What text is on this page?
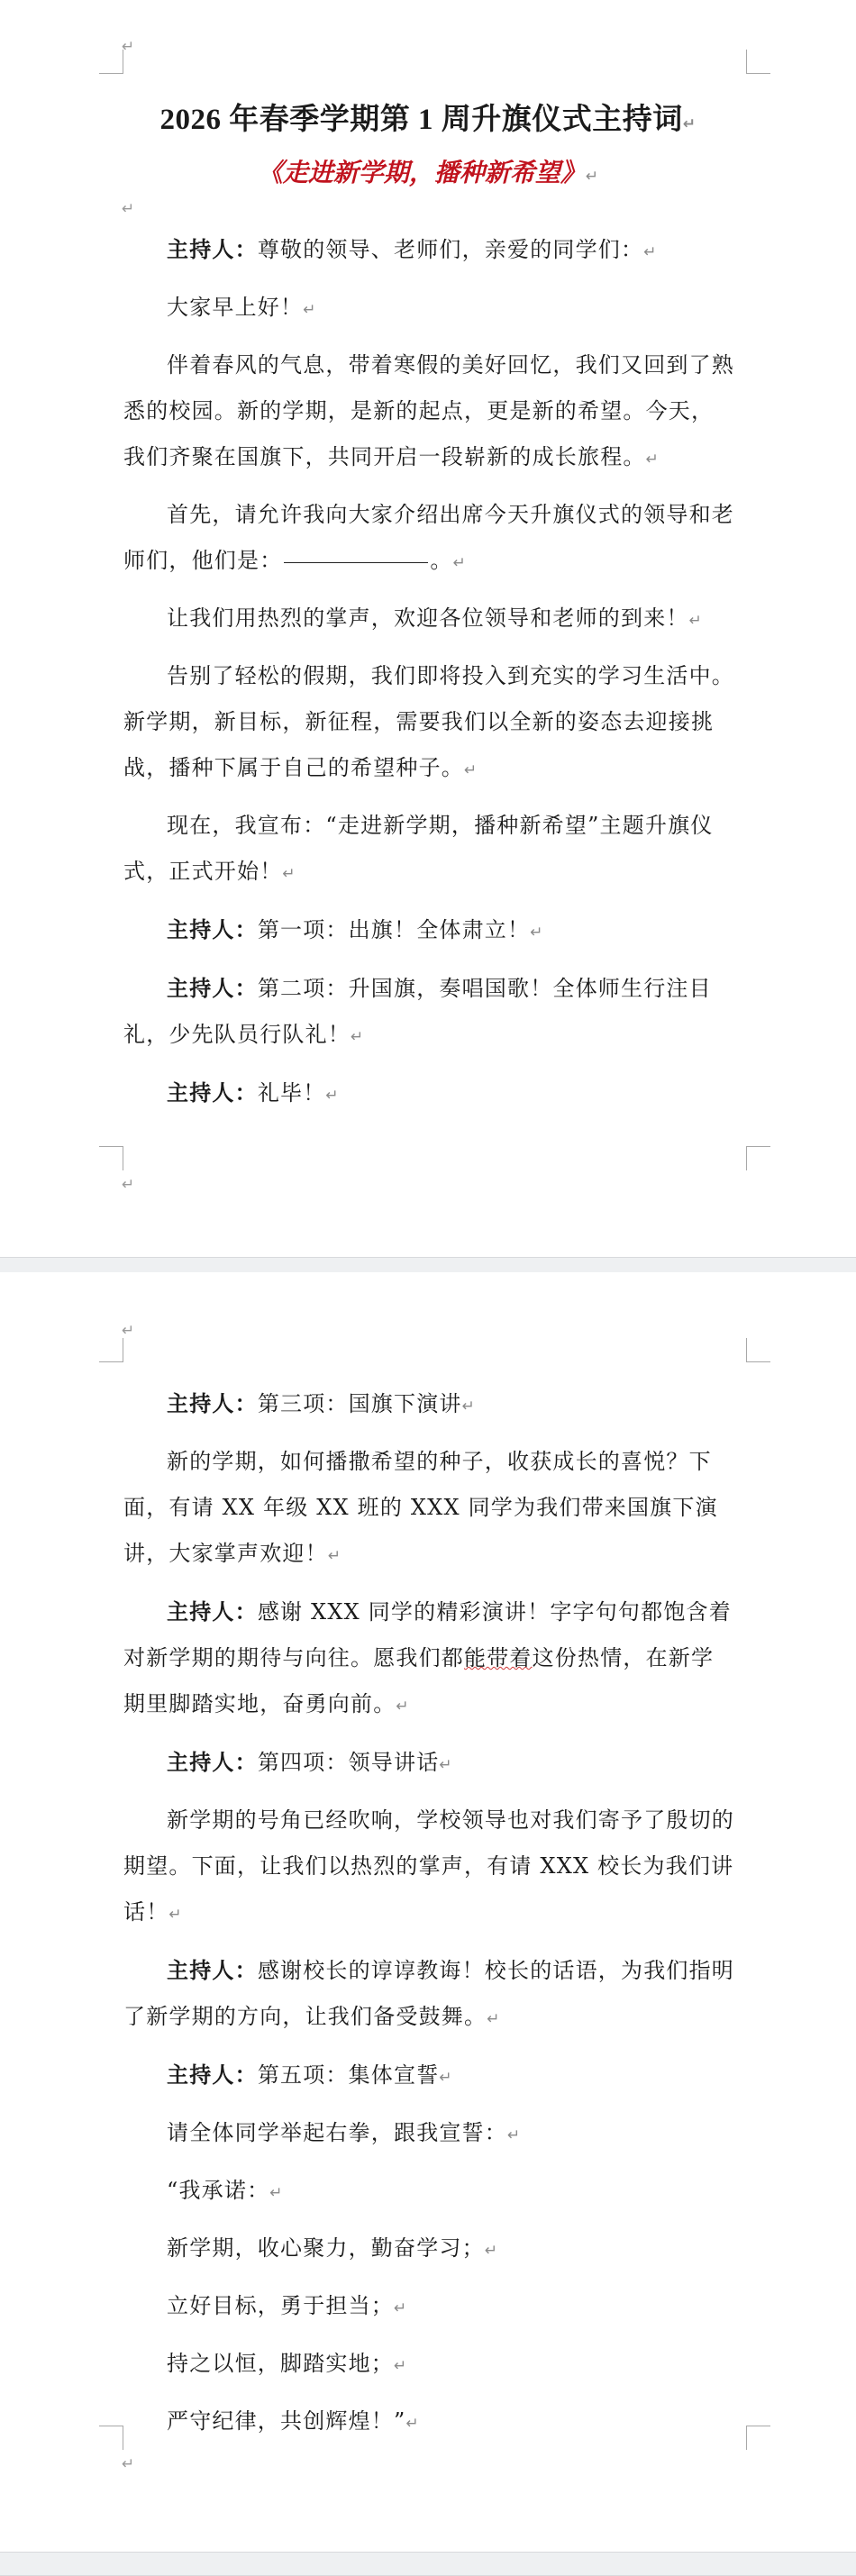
↵
2026 年春季学期第 1 周升旗仪式主持词↵
《走进新学期，播种新希望》↵
↵
主持人：尊敬的领导、老师们，亲爱的同学们：↵
大家早上好！↵
伴着春风的气息，带着寒假的美好回忆，我们又回到了熟悉的校园。新的学期，是新的起点，更是新的希望。今天，我们齐聚在国旗下，共同开启一段崭新的成长旅程。↵
首先，请允许我向大家介绍出席今天升旗仪式的领导和老师们，他们是：	。↵
让我们用热烈的掌声，欢迎各位领导和老师的到来！↵
告别了轻松的假期，我们即将投入到充实的学习生活中。新学期，新目标，新征程，需要我们以全新的姿态去迎接挑战，播种下属于自己的希望种子。↵
现在，我宣布：“走进新学期，播种新希望”主题升旗仪式，正式开始！↵
主持人：第一项：出旗！全体肃立！↵
主持人：第二项：升国旗，奏唱国歌！全体师生行注目礼，少先队员行队礼！↵
主持人：礼毕！↵
↵
↵
主持人：第三项：国旗下演讲↵
新的学期，如何播撒希望的种子，收获成长的喜悦？下面，有请 XX 年级 XX 班的 XXX 同学为我们带来国旗下演讲，大家掌声欢迎！↵
主持人：感谢 XXX 同学的精彩演讲！字字句句都饱含着对新学期的期待与向往。愿我们都能带着这份热情，在新学期里脚踏实地，奋勇向前。↵
主持人：第四项：领导讲话↵
新学期的号角已经吹响，学校领导也对我们寄予了殷切的期望。下面，让我们以热烈的掌声，有请 XXX 校长为我们讲话！↵
主持人：感谢校长的谆谆教诲！校长的话语，为我们指明了新学期的方向，让我们备受鼓舞。↵
主持人：第五项：集体宣誓↵
请全体同学举起右拳，跟我宣誓：↵
“我承诺：↵
新学期，收心聚力，勤奋学习；↵
立好目标，勇于担当；↵
持之以恒，脚踏实地；↵
严守纪律，共创辉煌！”↵
↵
